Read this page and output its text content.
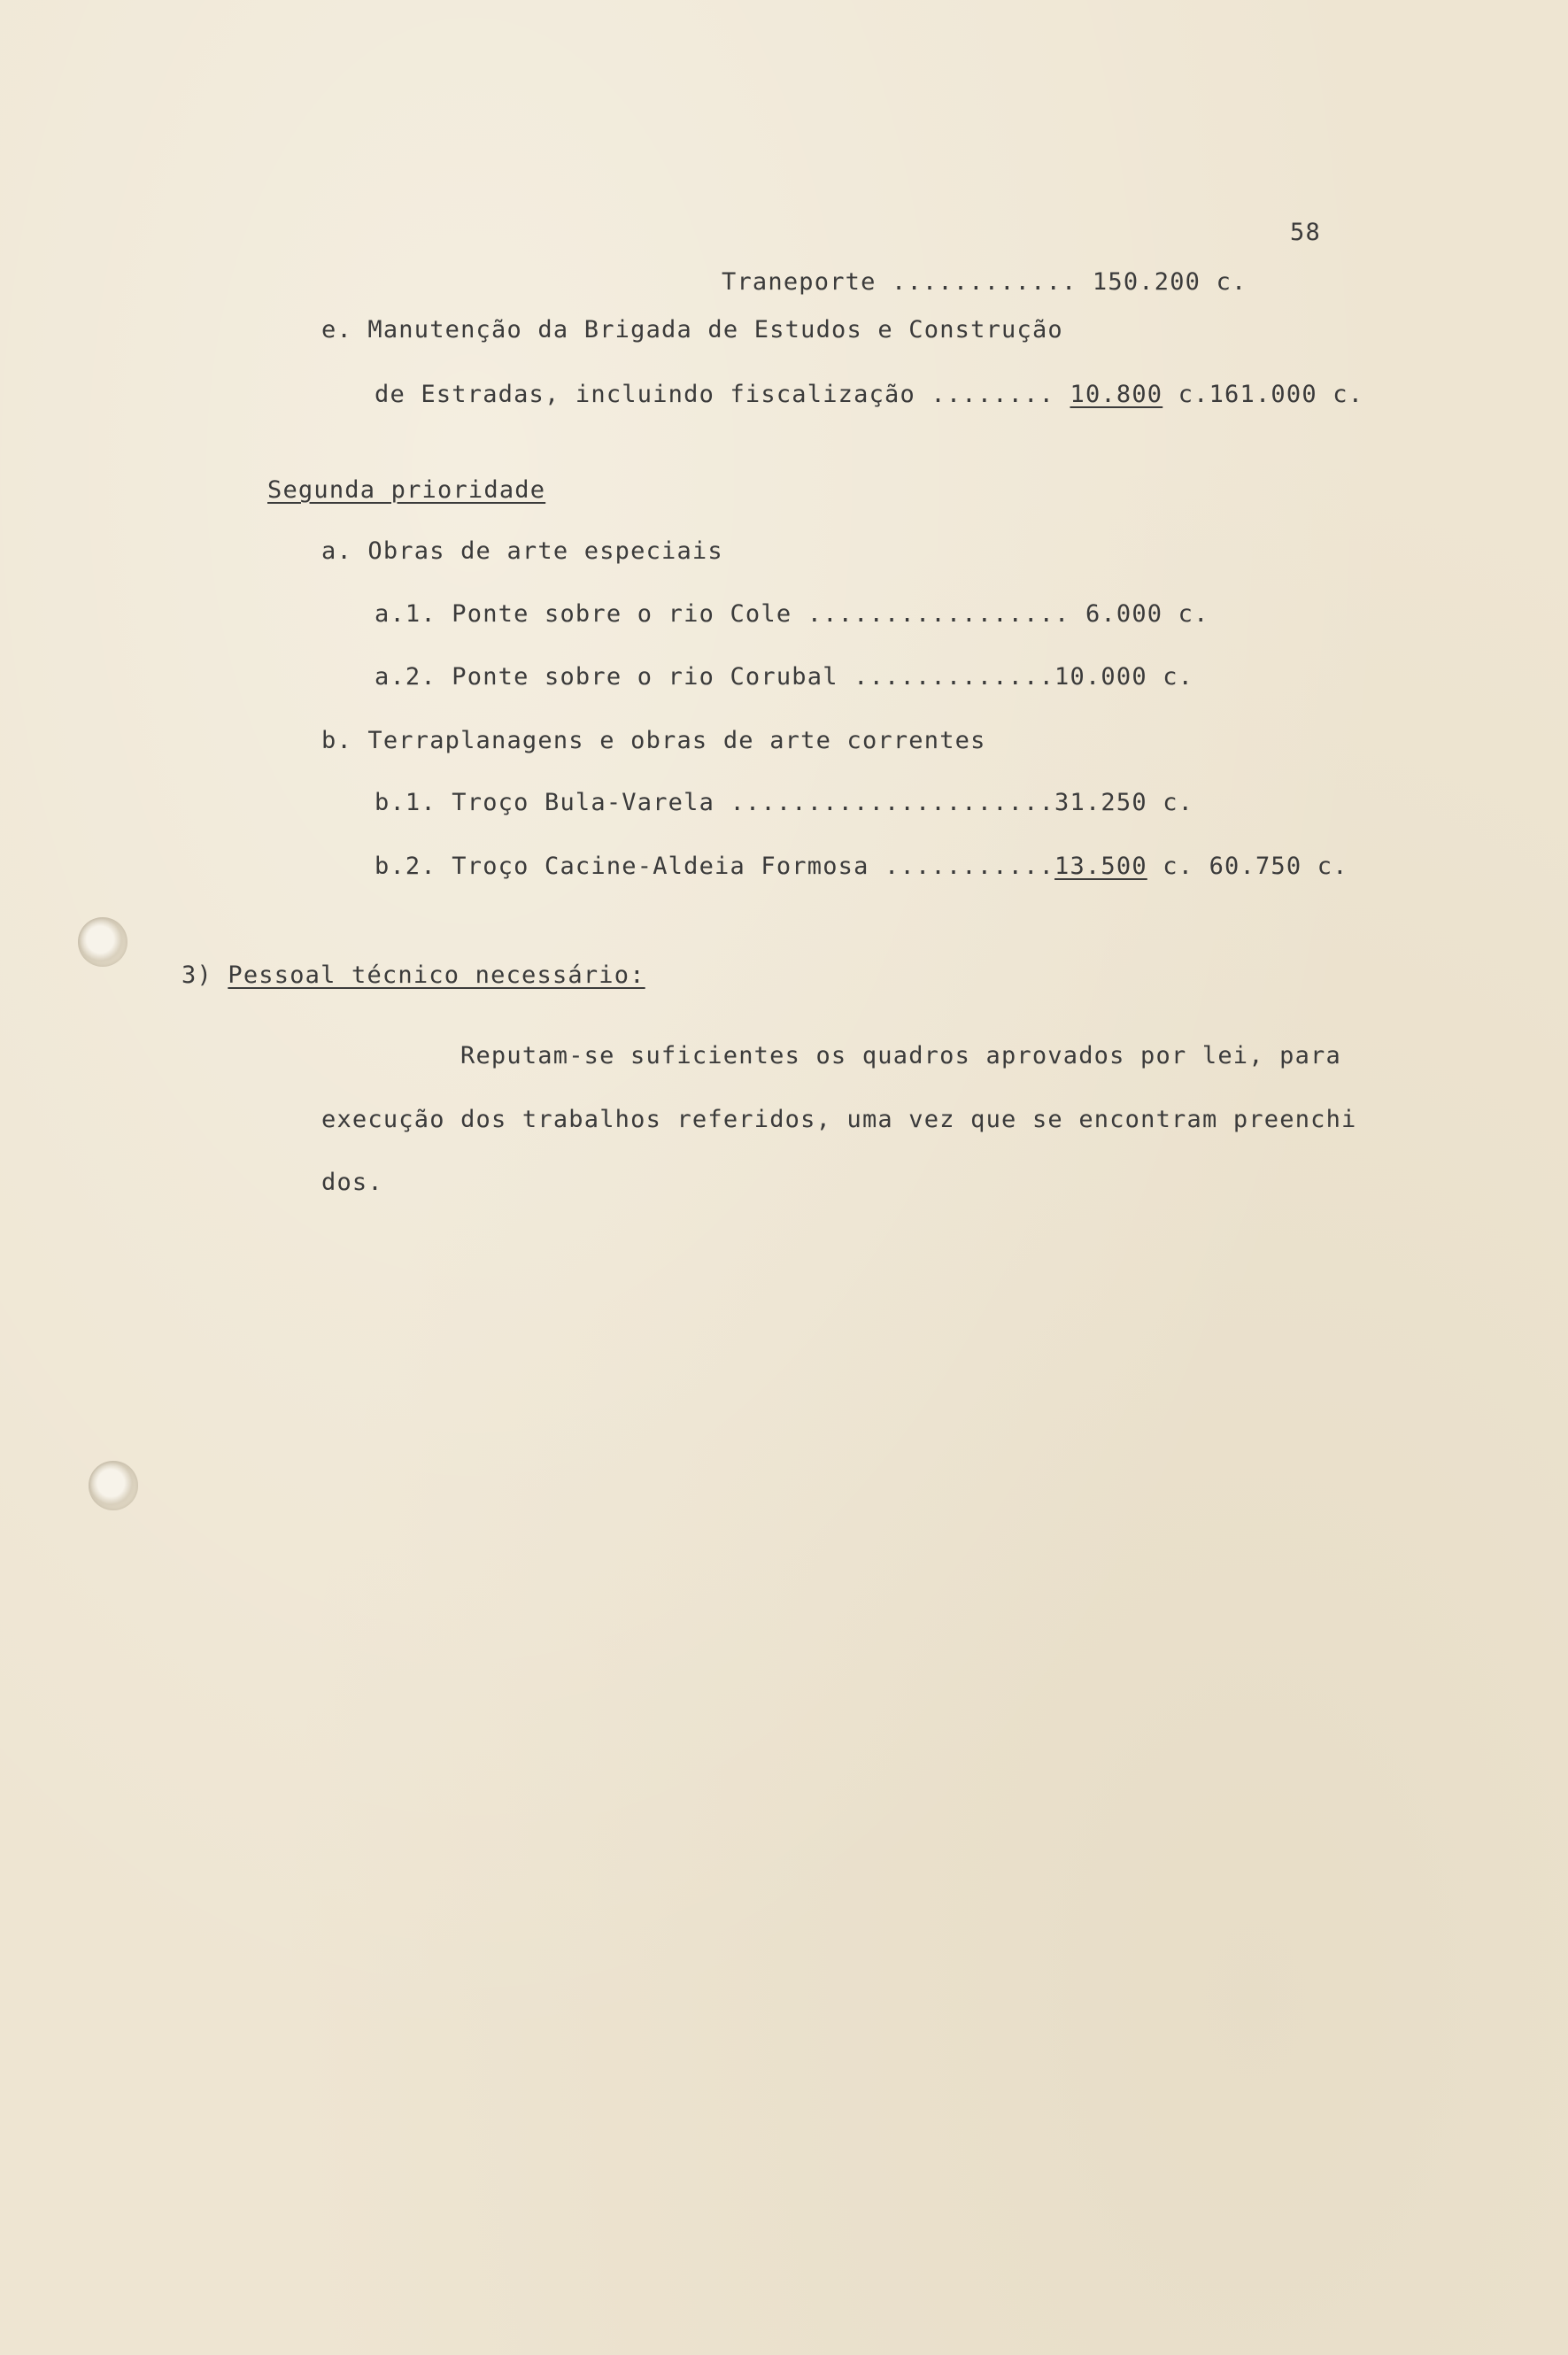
58
Traneporte ............ 150.200 c.
e. Manutenção da Brigada de Estudos e Construção
de Estradas, incluindo fiscalização ........ 10.800 c.161.000 c.
Segunda prioridade
a. Obras de arte especiais
a.1. Ponte sobre o rio Cole ................. 6.000 c.
a.2. Ponte sobre o rio Corubal .............10.000 c.
b. Terraplanagens e obras de arte correntes
b.1. Troço Bula-Varela .....................31.250 c.
b.2. Troço Cacine-Aldeia Formosa ...........13.500 c. 60.750 c.
3) Pessoal técnico necessário:
Reputam-se suficientes os quadros aprovados por lei, para
execução dos trabalhos referidos, uma vez que se encontram preenchi
dos.
